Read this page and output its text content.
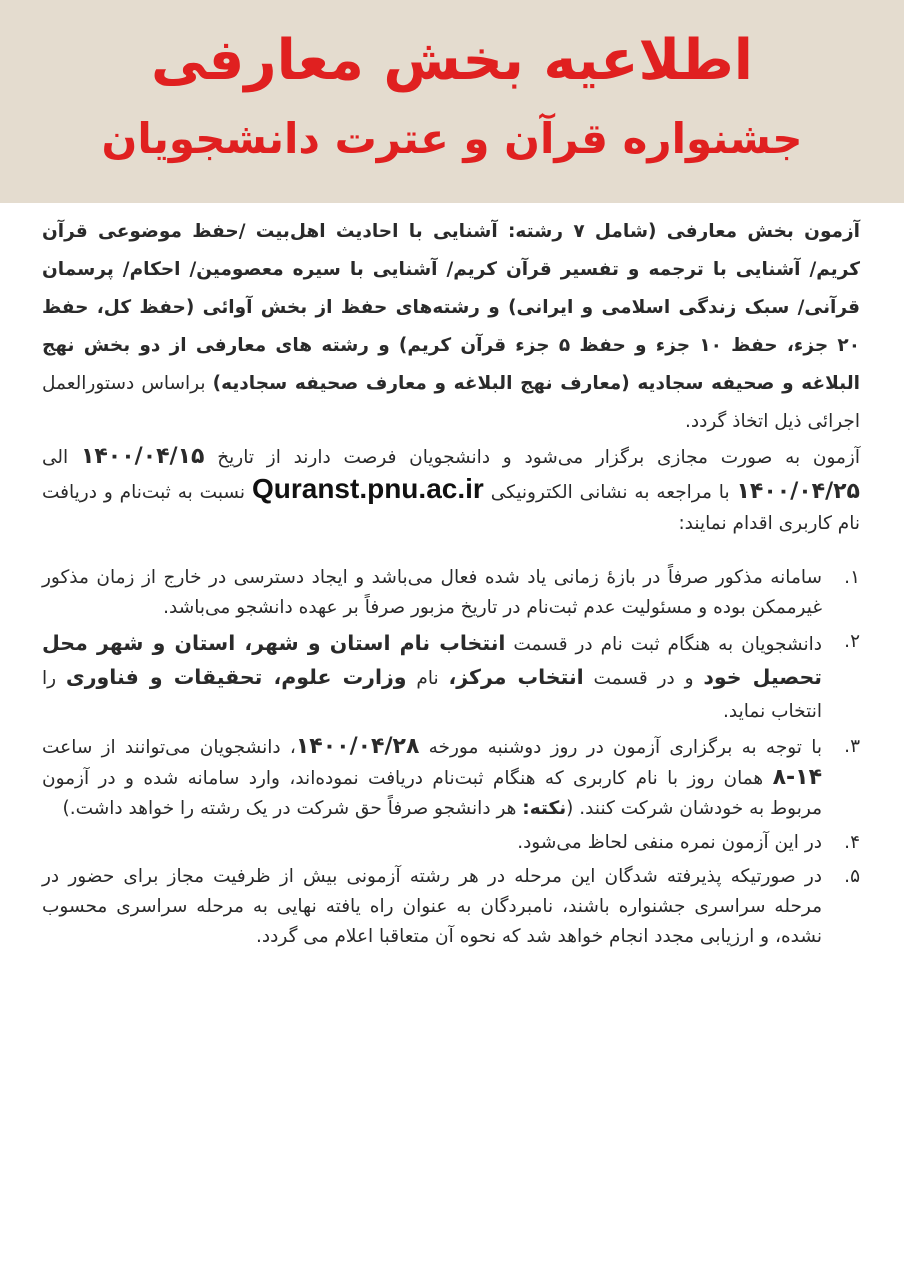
اطلاعیه بخش معارفی
جشنواره قرآن و عترت دانشجویان

آزمون بخش معارفی (شامل ۷ رشته: آشنایی با احادیث اهل‌بیت /حفظ موضوعی قرآن کریم/ آشنایی با ترجمه و تفسیر قرآن کریم/ آشنایی با سیره معصومین/ احکام/ پرسمان قرآنی/ سبک زندگی اسلامی و ایرانی) و رشته‌های حفظ از بخش آوائی (حفظ کل، حفظ ۲۰ جزء، حفظ ۱۰ جزء و حفظ ۵ جزء قرآن کریم) و رشته های معارفی از دو بخش نهج البلاغه و صحیفه سجادیه (معارف نهج البلاغه و معارف صحیفه سجادیه) براساس دستورالعمل اجرائی ذیل اتخاذ گردد.

آزمون به صورت مجازی برگزار می‌شود و دانشجویان فرصت دارند از تاریخ ۱۴۰۰/۰۴/۱۵ الی ۱۴۰۰/۰۴/۲۵ با مراجعه به نشانی الکترونیکی Quranst.pnu.ac.ir نسبت به ثبت‌نام و دریافت نام کاربری اقدام نمایند:

۱.
سامانه مذکور صرفاً در بازهٔ زمانی یاد شده فعال می‌باشد و ایجاد دسترسی در خارج از زمان مذکور غیرممکن بوده و مسئولیت عدم ثبت‌نام در تاریخ مزبور صرفاً بر عهده دانشجو می‌باشد.
۲.
دانشجویان به هنگام ثبت نام در قسمت انتخاب نام استان و شهر، استان و شهر محل تحصیل خود و در قسمت انتخاب مرکز، نام وزارت علوم، تحقیقات و فناوری را انتخاب نماید.
۳.
با توجه به برگزاری آزمون در روز دوشنبه مورخه ۱۴۰۰/۰۴/۲۸، دانشجویان می‌توانند از ساعت ۱۴-۸ همان روز با نام کاربری که هنگام ثبت‌نام دریافت نموده‌اند، وارد سامانه شده و در آزمون مربوط به خودشان شرکت کنند. (نکته: هر دانشجو صرفاً حق شرکت در یک رشته را خواهد داشت.)
۴.
در این آزمون نمره منفی لحاظ می‌شود.
۵.
در صورتیکه پذیرفته شدگان این مرحله در هر رشته آزمونی بیش از ظرفیت مجاز برای حضور در مرحله سراسری جشنواره باشند، نامبردگان به عنوان راه یافته نهایی به مرحله سراسری محسوب نشده، و ارزیابی مجدد انجام خواهد شد که نحوه آن متعاقبا اعلام می گردد.
